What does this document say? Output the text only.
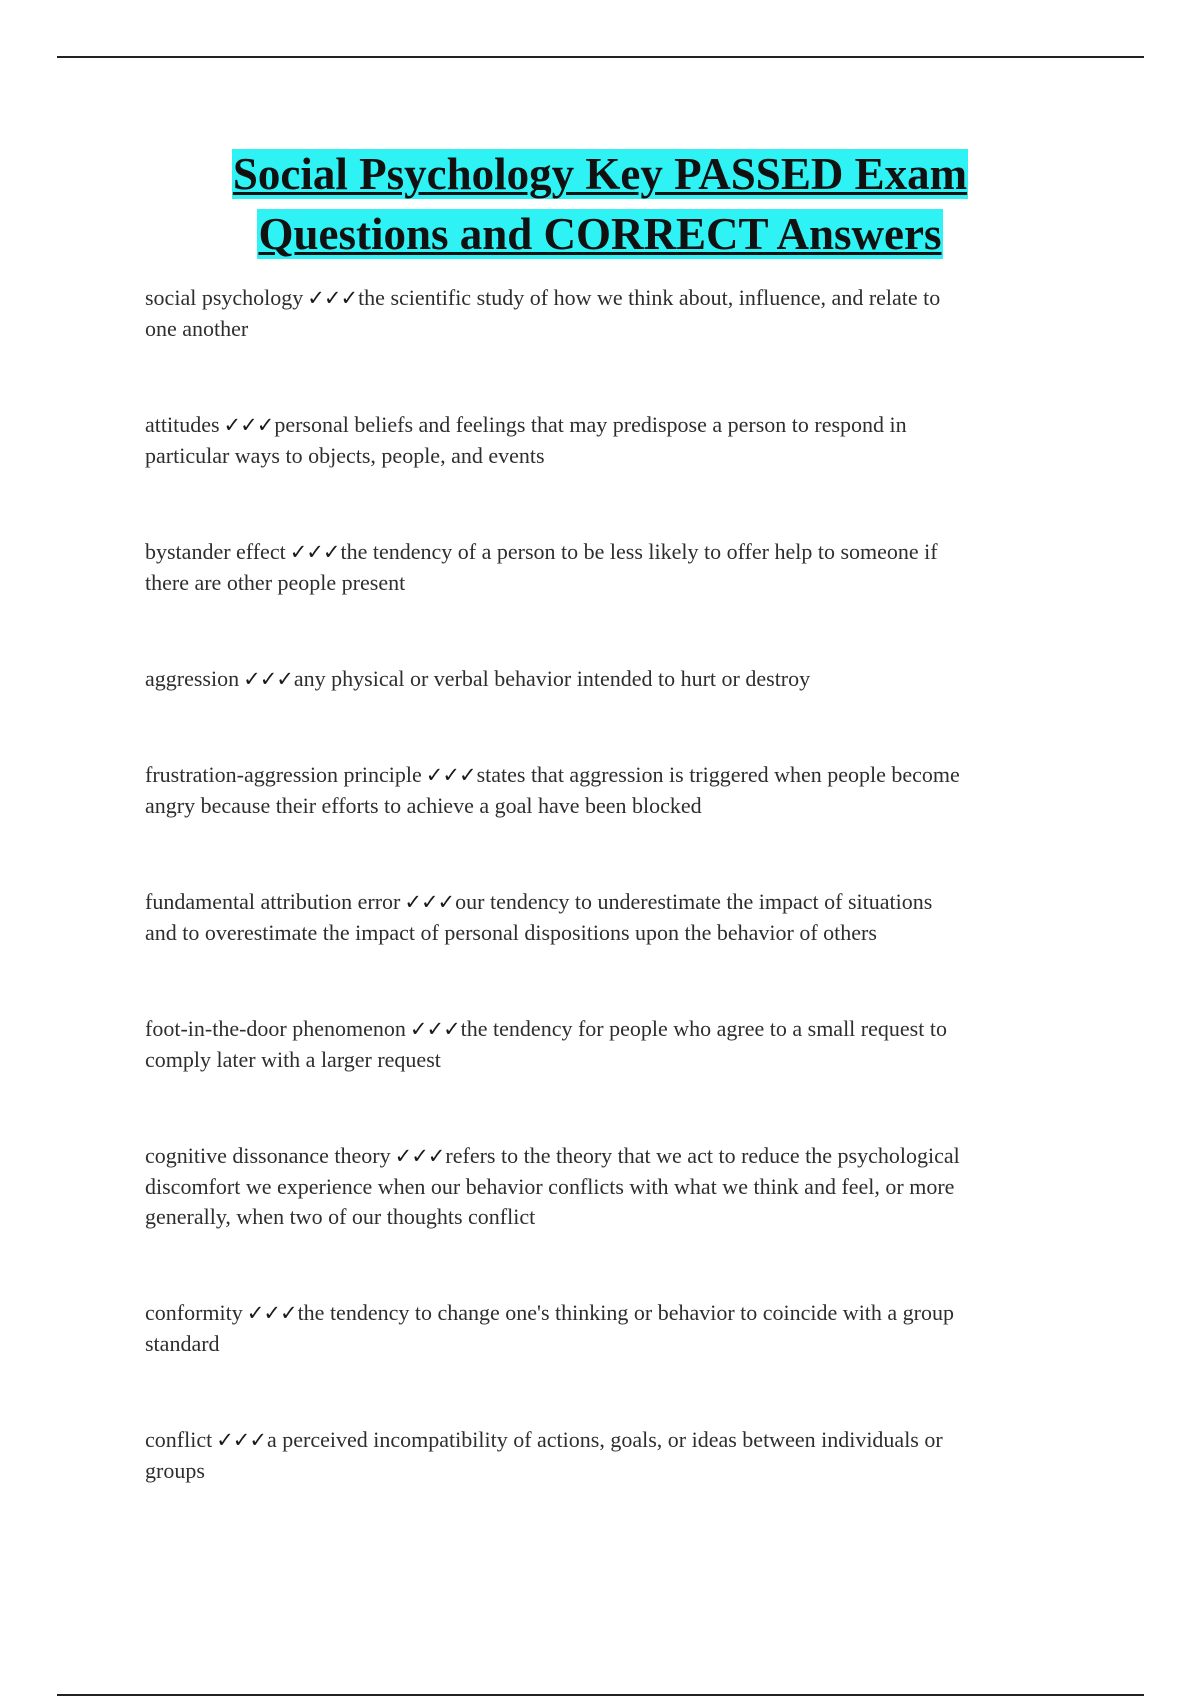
Social Psychology Key PASSED Exam
Questions and CORRECT Answers
social psychology ✓✓✓the scientific study of how we think about, influence, and relate to
one another
attitudes ✓✓✓personal beliefs and feelings that may predispose a person to respond in
particular ways to objects, people, and events
bystander effect ✓✓✓the tendency of a person to be less likely to offer help to someone if
there are other people present
aggression ✓✓✓any physical or verbal behavior intended to hurt or destroy
frustration-aggression principle ✓✓✓states that aggression is triggered when people become
angry because their efforts to achieve a goal have been blocked
fundamental attribution error ✓✓✓our tendency to underestimate the impact of situations
and to overestimate the impact of personal dispositions upon the behavior of others
foot-in-the-door phenomenon ✓✓✓the tendency for people who agree to a small request to
comply later with a larger request
cognitive dissonance theory ✓✓✓refers to the theory that we act to reduce the psychological
discomfort we experience when our behavior conflicts with what we think and feel, or more
generally, when two of our thoughts conflict
conformity ✓✓✓the tendency to change one's thinking or behavior to coincide with a group
standard
conflict ✓✓✓a perceived incompatibility of actions, goals, or ideas between individuals or
groups
